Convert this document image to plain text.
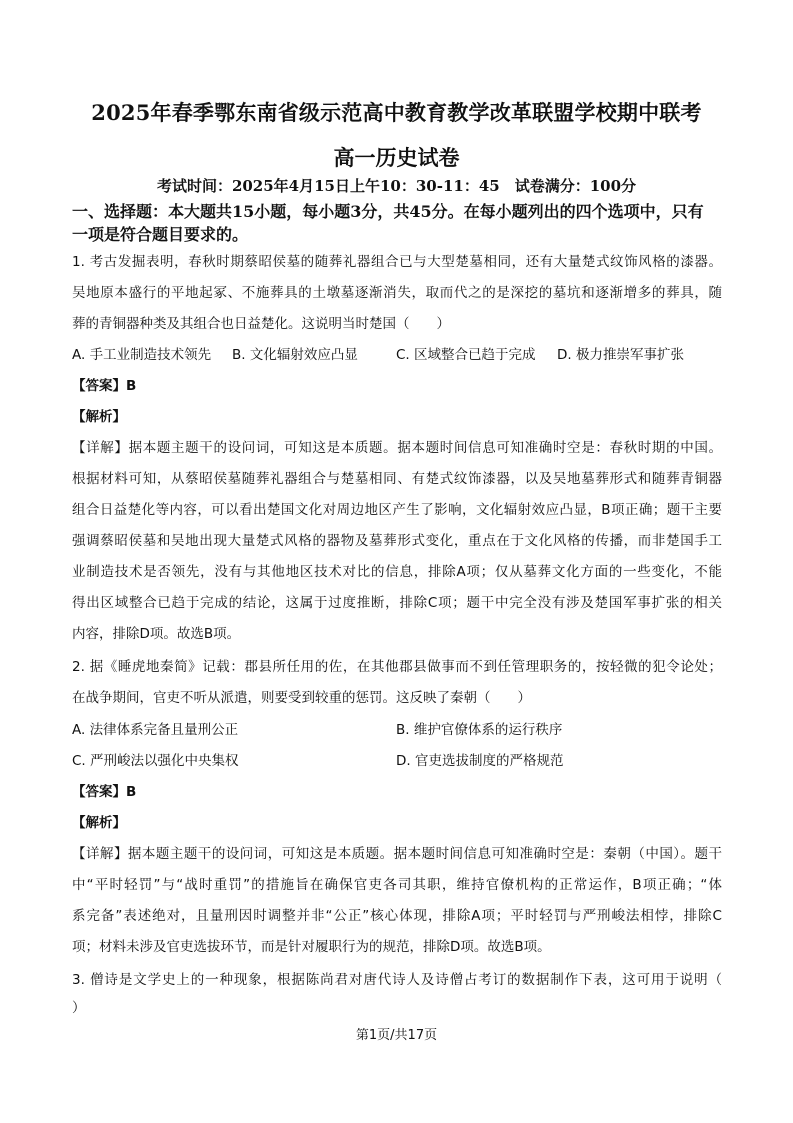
2025年春季鄂东南省级示范高中教育教学改革联盟学校期中联考
高一历史试卷
考试时间：2025年4月15日上午10：30-11：45　试卷满分：100分
一、选择题：本大题共15小题，每小题3分，共45分。在每小题列出的四个选项中，只有
一项是符合题目要求的。
1. 考古发掘表明，春秋时期蔡昭侯墓的随葬礼器组合已与大型楚墓相同，还有大量楚式纹饰风格的漆器。
吴地原本盛行的平地起冢、不施葬具的土墩墓逐渐消失，取而代之的是深挖的墓坑和逐渐增多的葬具，随
葬的青铜器种类及其组合也日益楚化。这说明当时楚国（　　）
A. 手工业制造技术领先 B. 文化辐射效应凸显	C. 区域整合已趋于完成 D. 极力推崇军事扩张
【答案】B
【解析】
【详解】据本题主题干的设问词，可知这是本质题。据本题时间信息可知准确时空是：春秋时期的中国。
根据材料可知，从蔡昭侯墓随葬礼器组合与楚墓相同、有楚式纹饰漆器，以及吴地墓葬形式和随葬青铜器
组合日益楚化等内容，可以看出楚国文化对周边地区产生了影响，文化辐射效应凸显，B项正确；题干主要
强调蔡昭侯墓和吴地出现大量楚式风格的器物及墓葬形式变化，重点在于文化风格的传播，而非楚国手工
业制造技术是否领先，没有与其他地区技术对比的信息，排除A项；仅从墓葬文化方面的一些变化，不能
得出区域整合已趋于完成的结论，这属于过度推断，排除C项；题干中完全没有涉及楚国军事扩张的相关
内容，排除D项。故选B项。
2. 据《睡虎地秦简》记载：郡县所任用的佐，在其他郡县做事而不到任管理职务的，按轻微的犯令论处；
在战争期间，官吏不听从派遣，则要受到较重的惩罚。这反映了秦朝（　　）
A. 法律体系完备且量刑公正	B. 维护官僚体系的运行秩序
C. 严刑峻法以强化中央集权	D. 官吏选拔制度的严格规范
【答案】B
【解析】
【详解】据本题主题干的设问词，可知这是本质题。据本题时间信息可知准确时空是：秦朝（中国）。题干
中“平时轻罚”与“战时重罚”的措施旨在确保官吏各司其职，维持官僚机构的正常运作，B项正确；“体
系完备”表述绝对，且量刑因时调整并非“公正”核心体现，排除A项；平时轻罚与严刑峻法相悖，排除C
项；材料未涉及官吏选拔环节，而是针对履职行为的规范，排除D项。故选B项。
3. 僧诗是文学史上的一种现象，根据陈尚君对唐代诗人及诗僧占考订的数据制作下表，这可用于说明（
）
第1页/共17页
